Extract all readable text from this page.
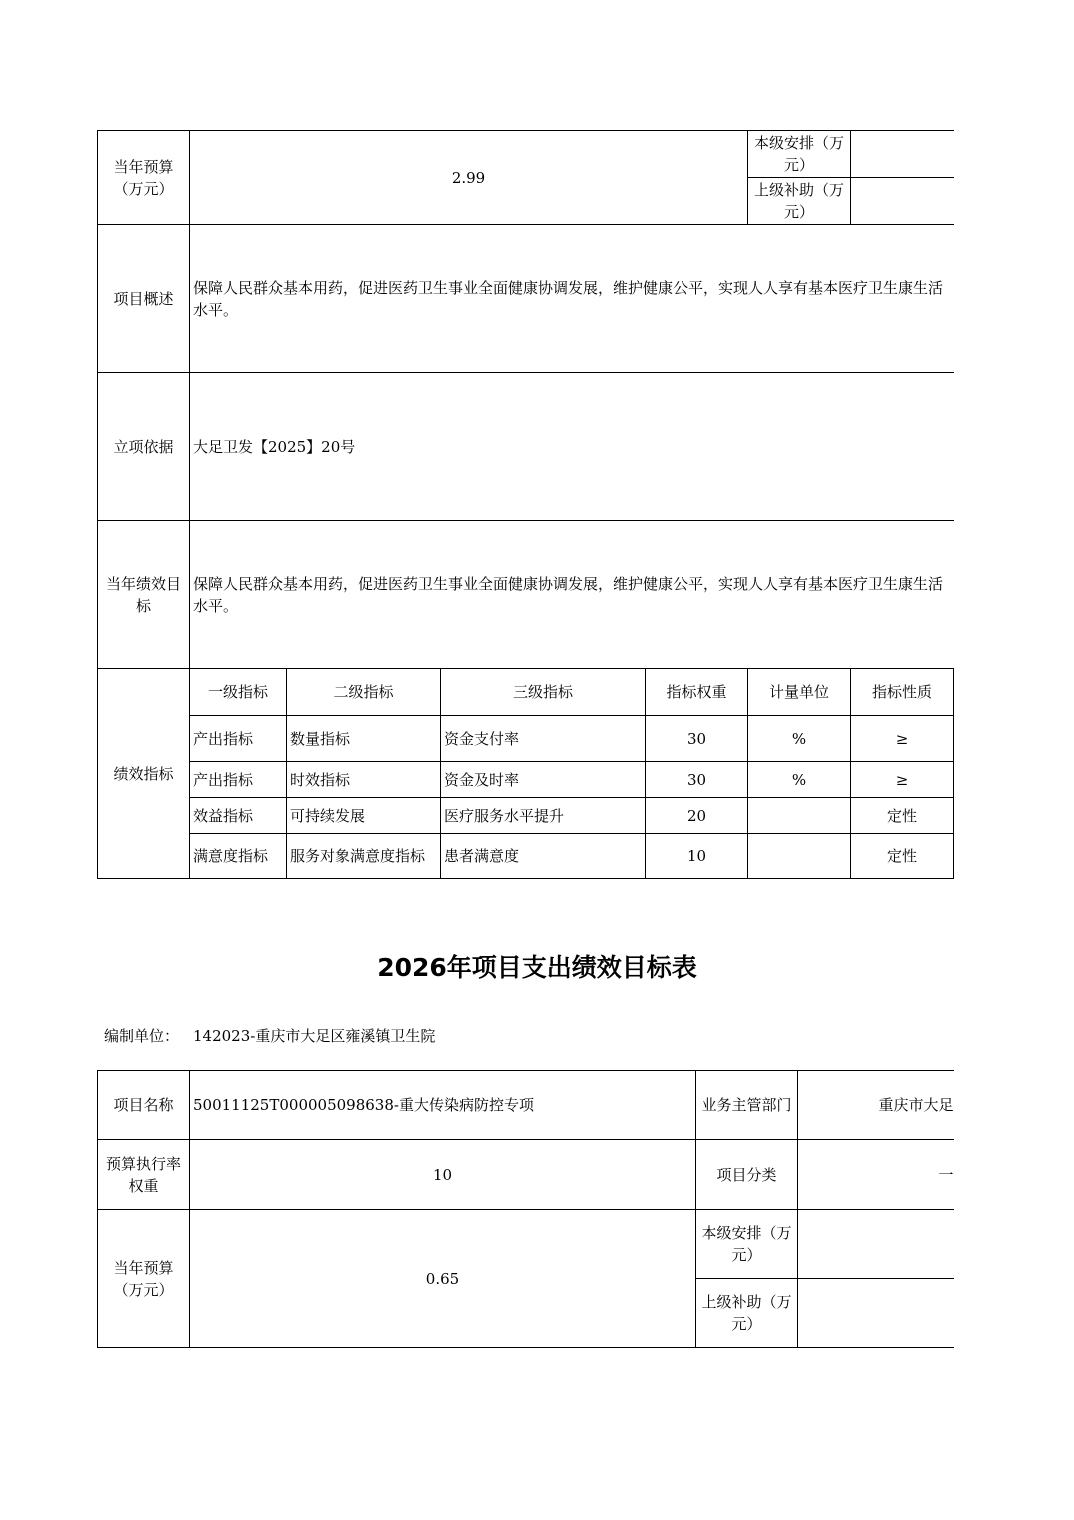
当年预算（万元）	2.99				本级安排（万元）	
					上级补助（万元）	
项目概述	保障人民群众基本用药，促进医药卫生事业全面健康协调发展，维护健康公平，实现人人享有基本医疗卫生康生活水平。					
立项依据	大足卫发【2025】20号					
当年绩效目标	保障人民群众基本用药，促进医药卫生事业全面健康协调发展，维护健康公平，实现人人享有基本医疗卫生康生活水平。					
绩效指标	一级指标	二级指标	三级指标	指标权重	计量单位	指标性质
	产出指标	数量指标	资金支付率	30	%	≥
	产出指标	时效指标	资金及时率	30	%	≥
	效益指标	可持续发展	医疗服务水平提升	20		定性
	满意度指标	服务对象满意度指标	患者满意度	10		定性
2026年项目支出绩效目标表
编制单位： 142023-重庆市大足区雍溪镇卫生院
项目名称	50011125T000005098638-重大传染病防控专项	业务主管部门	重庆市大足
预算执行率权重	10	项目分类	一
当年预算（万元）	0.65	本级安排（万元）	
		上级补助（万元）	
